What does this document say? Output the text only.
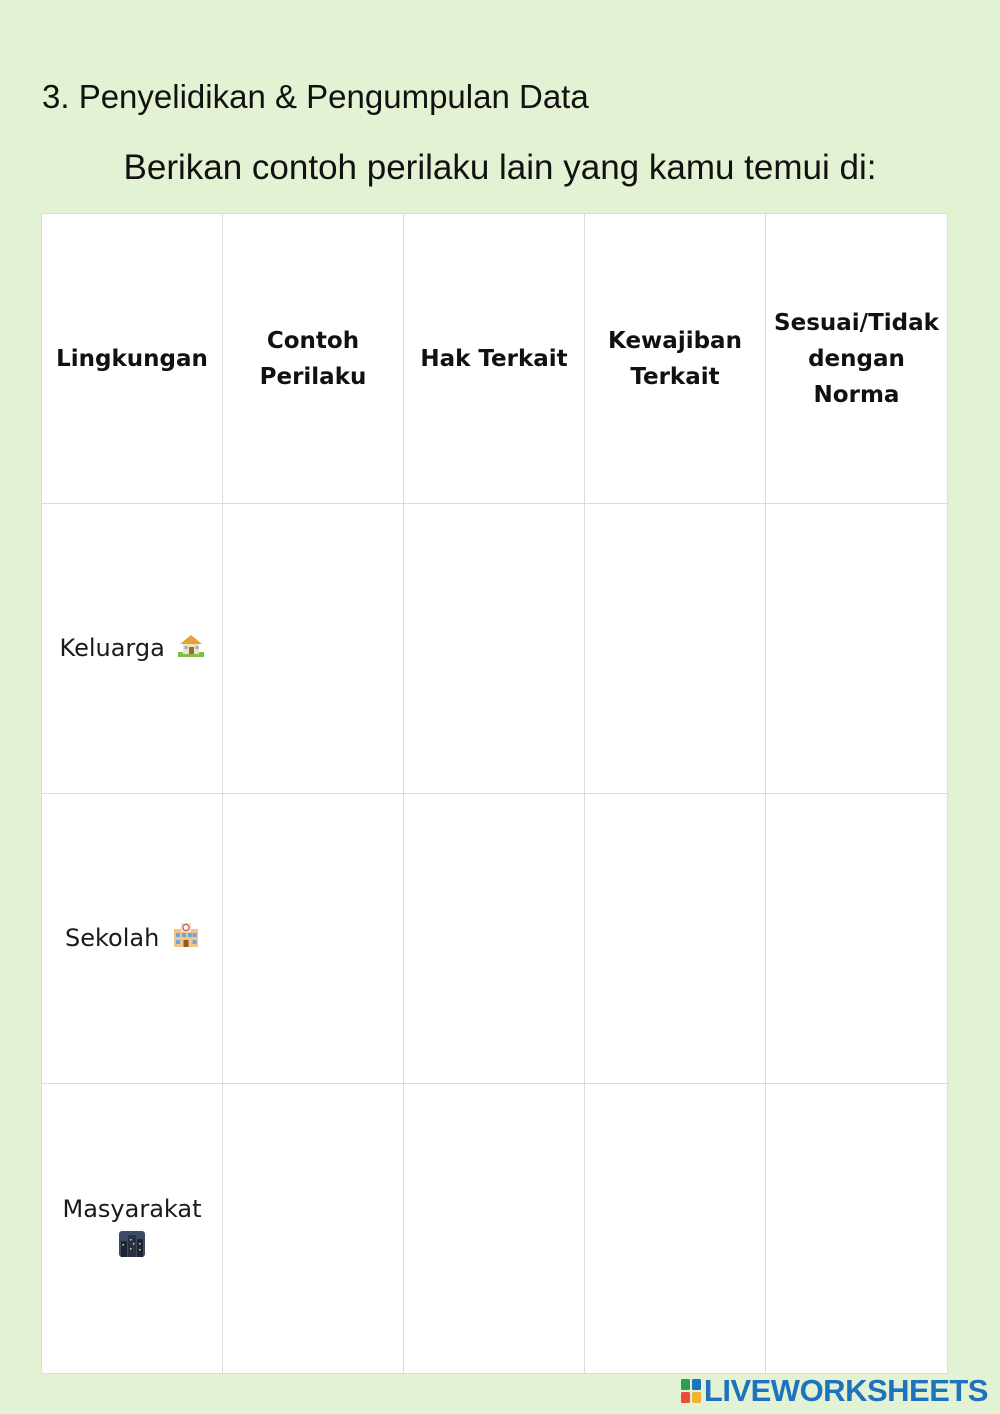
3. Penyelidikan & Pengumpulan Data
Berikan contoh perilaku lain yang kamu temui di:
Lingkungan	Contoh Perilaku	Hak Terkait	Kewajiban Terkait	Sesuai/Tidak dengan Norma
Keluarga				
Sekolah				
Masyarakat

LIVEWORKSHEETS
